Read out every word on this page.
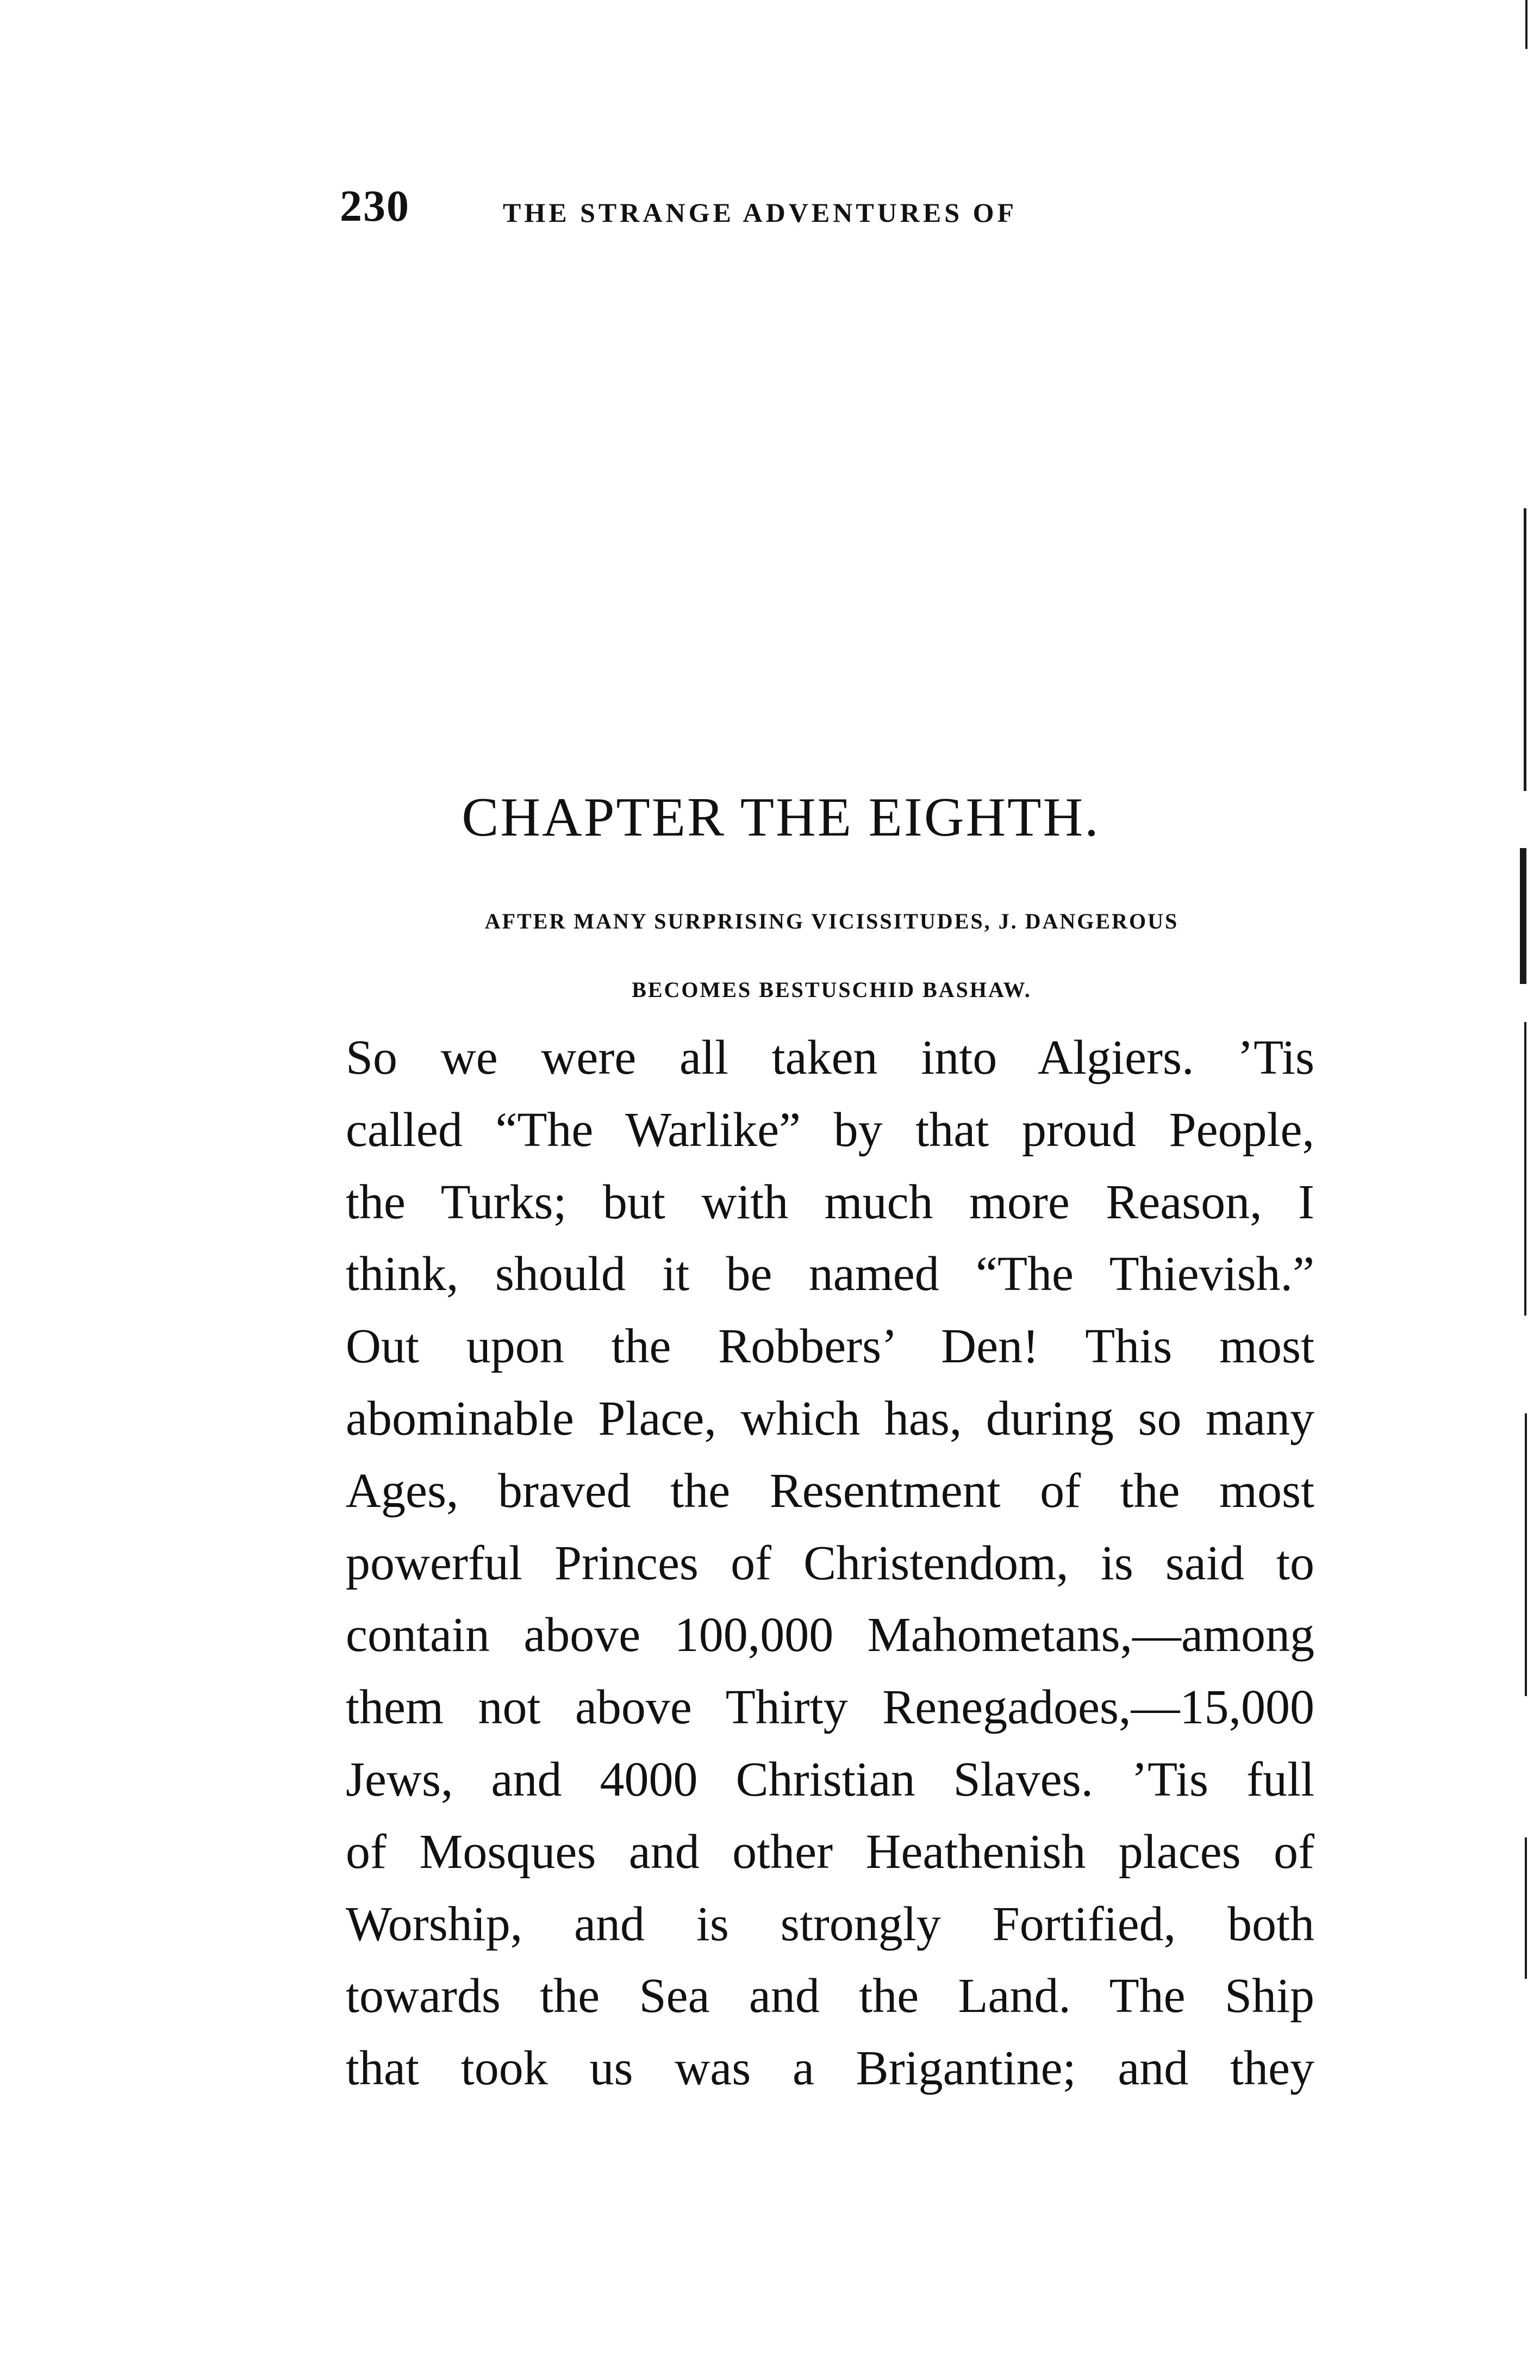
230	THE STRANGE ADVENTURES OF
CHAPTER THE EIGHTH.
AFTER MANY SURPRISING VICISSITUDES, J. DANGEROUS
BECOMES BESTUSCHID BASHAW.
So we were all taken into Algiers. ’Tis
called “The Warlike” by that proud People,
the Turks; but with much more Reason, I
think, should it be named “The Thievish.”
Out upon the Robbers’ Den! This most
abominable Place, which has, during so many
Ages, braved the Resentment of the most
powerful Princes of Christendom, is said to
contain above 100,000 Mahometans,—among
them not above Thirty Renegadoes,—15,000
Jews, and 4000 Christian Slaves. ’Tis full
of Mosques and other Heathenish places of
Worship, and is strongly Fortified, both
towards the Sea and the Land. The Ship
that took us was a Brigantine; and they
